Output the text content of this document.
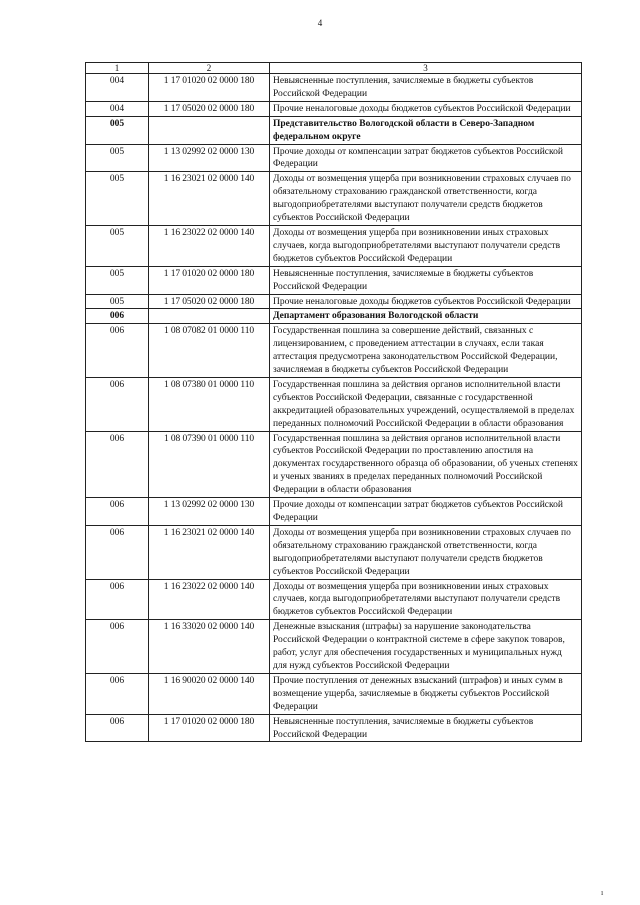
4
1	2	3
004	1 17 01020 02 0000 180	Невыясненные поступления, зачисляемые в бюджеты субъектов Российской Федерации
004	1 17 05020 02 0000 180	Прочие неналоговые доходы бюджетов субъектов Российской Федерации
005		Представительство Вологодской области в Северо-Западном федеральном округе
005	1 13 02992 02 0000 130	Прочие доходы от компенсации затрат бюджетов субъектов Российской Федерации
005	1 16 23021 02 0000 140	Доходы от возмещения ущерба при возникновении страховых случаев по обязательному страхованию гражданской ответственности, когда выгодоприобретателями выступают получатели средств бюджетов субъектов Российской Федерации
005	1 16 23022 02 0000 140	Доходы от возмещения ущерба при возникновении иных страховых случаев, когда выгодоприобретателями выступают получатели средств бюджетов субъектов Российской Федерации
005	1 17 01020 02 0000 180	Невыясненные поступления, зачисляемые в бюджеты субъектов Российской Федерации
005	1 17 05020 02 0000 180	Прочие неналоговые доходы бюджетов субъектов Российской Федерации
006		Департамент образования Вологодской области
006	1 08 07082 01 0000 110	Государственная пошлина за совершение действий, связанных с лицензированием, с проведением аттестации в случаях, если такая аттестация предусмотрена законодательством Российской Федерации, зачисляемая в бюджеты субъектов Российской Федерации
006	1 08 07380 01 0000 110	Государственная пошлина за действия органов исполнительной власти субъектов Российской Федерации, связанные с государственной аккредитацией образовательных учреждений, осуществляемой в пределах переданных полномочий Российской Федерации в области образования
006	1 08 07390 01 0000 110	Государственная пошлина за действия органов исполнительной власти субъектов Российской Федерации по проставлению апостиля на документах государственного образца об образовании, об ученых степенях и ученых званиях в пределах переданных полномочий Российской Федерации в области образования
006	1 13 02992 02 0000 130	Прочие доходы от компенсации затрат бюджетов субъектов Российской Федерации
006	1 16 23021 02 0000 140	Доходы от возмещения ущерба при возникновении страховых случаев по обязательному страхованию гражданской ответственности, когда выгодоприобретателями выступают получатели средств бюджетов субъектов Российской Федерации
006	1 16 23022 02 0000 140	Доходы от возмещения ущерба при возникновении иных страховых случаев, когда выгодоприобретателями выступают получатели средств бюджетов субъектов Российской Федерации
006	1 16 33020 02 0000 140	Денежные взыскания (штрафы) за нарушение законодательства Российской Федерации о контрактной системе в сфере закупок товаров, работ, услуг для обеспечения государственных и муниципальных нужд для нужд субъектов Российской Федерации
006	1 16 90020 02 0000 140	Прочие поступления от денежных взысканий (штрафов) и иных сумм в возмещение ущерба, зачисляемые в бюджеты субъектов Российской Федерации
006	1 17 01020 02 0000 180	Невыясненные поступления, зачисляемые в бюджеты субъектов Российской Федерации
ı
